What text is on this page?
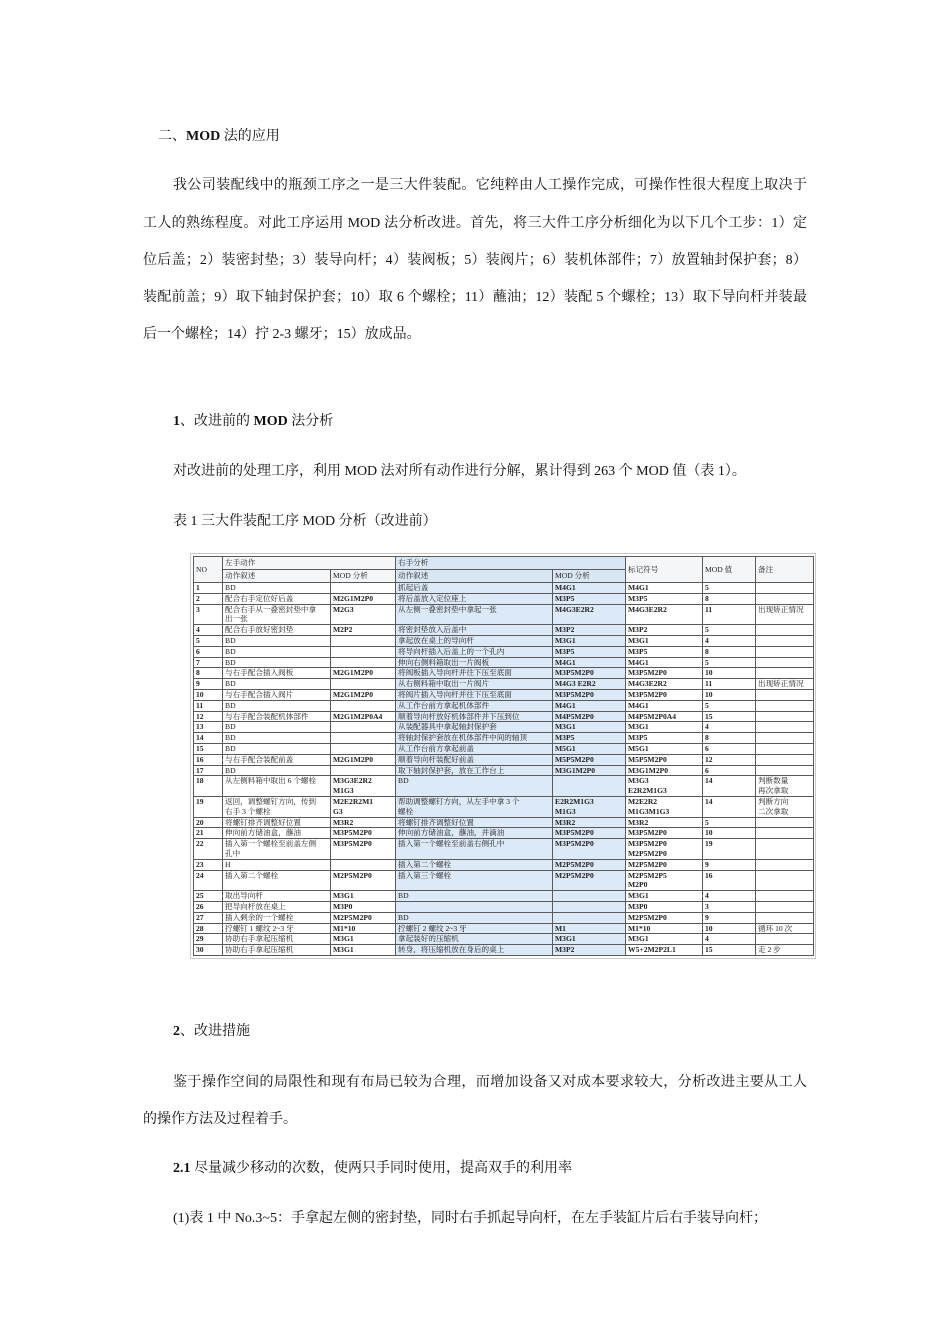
二、MOD 法的应用
我公司装配线中的瓶颈工序之一是三大件装配。它纯粹由人工操作完成，可操作性很大程度上取决于
工人的熟练程度。对此工序运用 MOD 法分析改进。首先，将三大件工序分析细化为以下几个工步：1）定
位后盖；2）装密封垫；3）装导向杆；4）装阀板；5）装阀片；6）装机体部件；7）放置轴封保护套；8）
装配前盖；9）取下轴封保护套；10）取 6 个螺栓；11）蘸油；12）装配 5 个螺栓；13）取下导向杆并装最
后一个螺栓；14）拧 2-3 螺牙；15）放成品。
1、改进前的 MOD 法分析
对改进前的处理工序，利用 MOD 法对所有动作进行分解，累计得到 263 个 MOD 值（表 1）。
表 1 三大件装配工序 MOD 分析（改进前）
NO	左手动作		右手分析		标记符号	MOD 值	备注
	动作叙述	MOD 分析	动作叙述	MOD 分析			
1	BD		抓起后盖	M4G1	M4G1	5	
2	配合右手定位好后盖	M2G1M2P0	将后盖放入定位座上	M3P5	M3P5	8	
3	配合右手从一叠密封垫中拿
出一张	M2G3	从左侧一叠密封垫中拿起一张	M4G3E2R2	M4G3E2R2	11	出现矫正情况
4	配合右手放好密封垫	M2P2	将密封垫放入后盖中	M3P2	M3P2	5	
5	BD		拿起放在桌上的导向杆	M3G1	M3G1	4	
6	BD		将导向杆插入后盖上的一个孔内	M3P5	M3P5	8	
7	BD		伸向右侧料箱取出一片阀板	M4G1	M4G1	5	
8	与右手配合插入阀板	M2G1M2P0	将阀板插入导向杆并往下压至底面	M3P5M2P0	M3P5M2P0	10	
9	BD		从右侧料箱中取出一片阀片	M4G3 E2R2	M4G3E2R2	11	出现矫正情况
10	与右手配合插入阀片	M2G1M2P0	将阀片插入导向杆并往下压至底面	M3P5M2P0	M3P5M2P0	10	
11	BD		从工作台前方拿起机体部件	M4G1	M4G1	5	
12	与右手配合装配机体部件	M2G1M2P0A4	顺着导向杆放好机体部件并下压到位	M4P5M2P0	M4P5M2P0A4	15	
13	BD		从装配器具中拿起轴封保护套	M3G1	M3G1	4	
14	BD		将轴封保护套放在机体部件中间的轴顶	M3P5	M3P5	8	
15	BD		从工作台前方拿起前盖	M5G1	M5G1	6	
16	与右手配合装配前盖	M2G1M2P0	顺着导向杆装配好前盖	M5P5M2P0	M5P5M2P0	12	
17	BD		取下轴封保护套，放在工作台上	M3G1M2P0	M3G1M2P0	6	
18	从左侧料箱中取出 6 个螺栓	M3G3E2R2
M1G3	BD		M3G3
E2R2M1G3	14	判断数量
再次拿取
19	返回，调整螺钉方向，传到
右手 3 个螺栓	M2E2R2M1
G3	帮助调整螺钉方向，从左手中拿 3 个
螺栓	E2R2M1G3
M1G3	M2E2R2
M1G3M1G3	14	判断方向
二次拿取
20	将螺钉排齐调整好位置	M3R2	将螺钉排齐调整好位置	M3R2	M3R2	5	
21	伸向前方储油盒，蘸油	M3P5M2P0	伸向前方储油盒，蘸油，并滴油	M3P5M2P0	M3P5M2P0	10	
22	插入第一个螺栓至前盖左侧
孔中	M3P5M2P0	插入第一个螺栓至前盖右侧孔中	M3P5M2P0	M3P5M2P0
M2P5M2P0	19	
23	H		插入第二个螺栓	M2P5M2P0	M2P5M2P0	9	
24	插入第二个螺栓	M2P5M2P0	插入第三个螺栓	M2P5M2P0	M2P5M2P5
M2P0	16	
25	取出导向杆	M3G1	BD		M3G1	4	
26	把导向杆放在桌上	M3P0			M3P0	3	
27	插入剩余的一个螺栓	M2P5M2P0	BD		M2P5M2P0	9	
28	拧螺钉 1 螺纹 2~3 牙	M1*10	拧螺钉 2 螺纹 2~3 牙	M1	M1*10	10	循环 10 次
29	协助右手拿起压缩机	M3G1	拿起装好的压缩机	M3G1	M3G1	4	
30	协助右手拿起压缩机	M3G1	转身，将压缩机放在身后的桌上	M3P2	W5+2M2P2L1	15	走 2 步
2、改进措施
鉴于操作空间的局限性和现有布局已较为合理，而增加设备又对成本要求较大，分析改进主要从工人
的操作方法及过程着手。
2.1 尽量减少移动的次数，使两只手同时使用，提高双手的利用率
(1)表 1 中 No.3~5：手拿起左侧的密封垫，同时右手抓起导向杆，在左手装缸片后右手装导向杆；
